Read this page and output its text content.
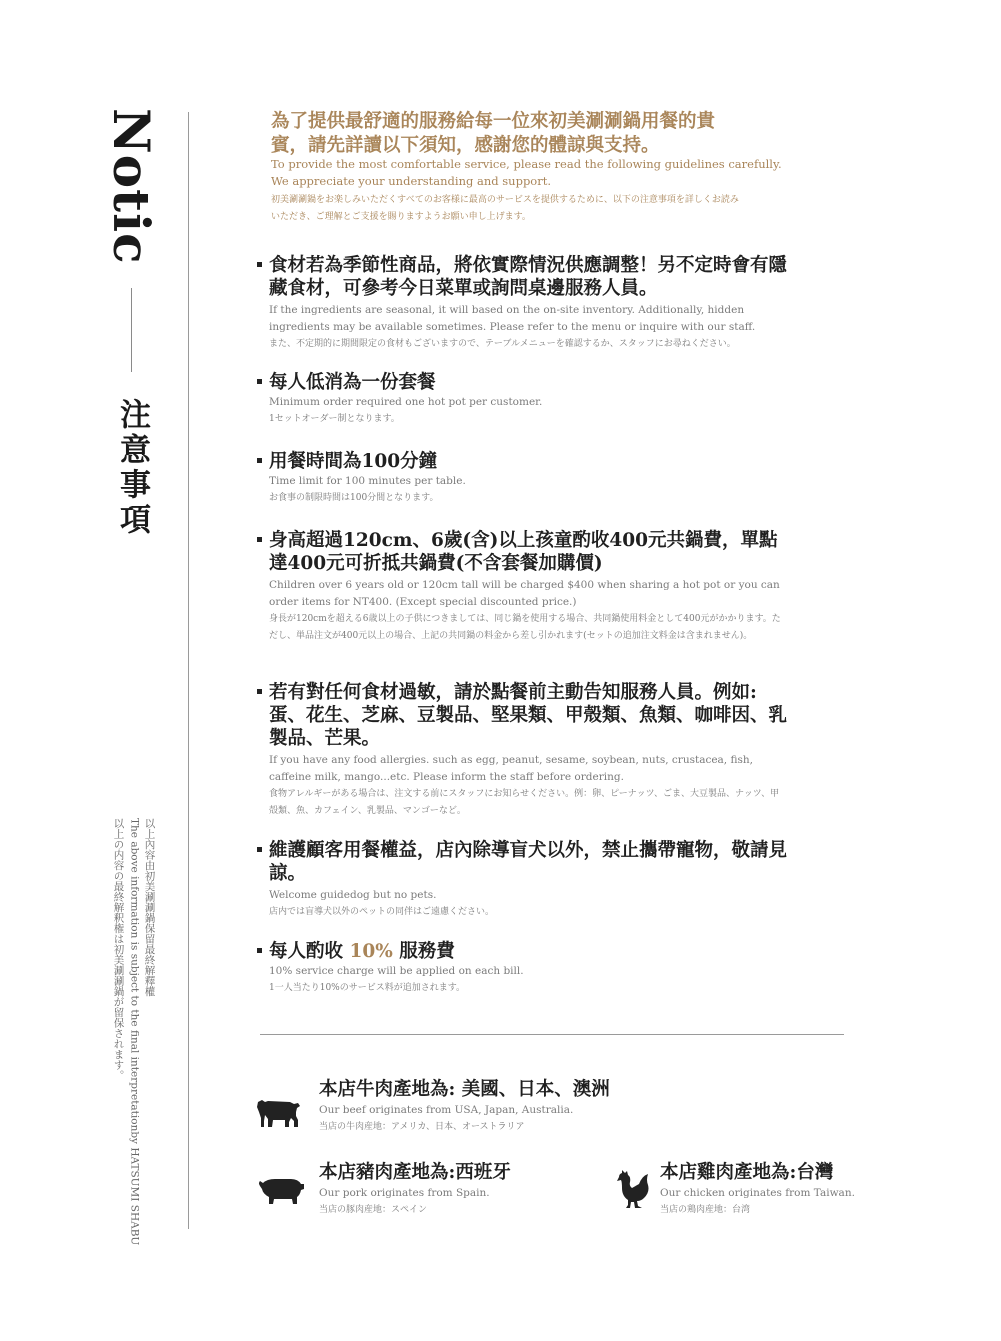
Notic
注意事項
以上內容由初美涮涮鍋保留最終解釋權
The above information is subject to the final interpretationby HATSUMI SHABU
以上の内容の最終解釈権は初美涮涮鍋が留保されます。
為了提供最舒適的服務給每一位來初美涮涮鍋用餐的貴賓，請先詳讀以下須知，感謝您的體諒與支持。
To provide the most comfortable service, please read the following guidelines carefully.
We appreciate your understanding and support.
初美涮涮鍋をお楽しみいただくすべてのお客様に最高のサービスを提供するために、以下の注意事項を詳しくお読みいただき、ご理解とご支援を賜りますようお願い申し上げます。
食材若為季節性商品，將依實際情況供應調整！另不定時會有隱藏食材，可參考今日菜單或詢問桌邊服務人員。
If the ingredients are seasonal, it will based on the on-site inventory. Additionally, hidden ingredients may be available sometimes. Please refer to the menu or inquire with our staff.
また、不定期的に期間限定の食材もございますので、テーブルメニューを確認するか、スタッフにお尋ねください。
每人低消為一份套餐
Minimum order required one hot pot per customer.
1セットオーダー制となります。
用餐時間為100分鐘
Time limit for 100 minutes per table.
お食事の制限時間は100分間となります。
身高超過120cm、6歲(含)以上孩童酌收400元共鍋費，單點達400元可折抵共鍋費(不含套餐加購價)
Children over 6 years old or 120cm tall will be charged $400 when sharing a hot pot or you can order items for NT400. (Except special discounted price.)
身長が120cmを超える6歳以上の子供につきましては、同じ鍋を使用する場合、共同鍋使用料金として400元がかかります。ただし、単品注文が400元以上の場合、上記の共同鍋の料金から差し引かれます(セットの追加注文料金は含まれません)。
若有對任何食材過敏，請於點餐前主動告知服務人員。例如:蛋、花生、芝麻、豆製品、堅果類、甲殼類、魚類、咖啡因、乳製品、芒果。
If you have any food allergies. such as egg, peanut, sesame, soybean, nuts, crustacea, fish, caffeine milk, mango...etc. Please inform the staff before ordering.
食物アレルギーがある場合は、注文する前にスタッフにお知らせください。例：卵、ピーナッツ、ごま、大豆製品、ナッツ、甲殻類、魚、カフェイン、乳製品、マンゴーなど。
維護顧客用餐權益，店內除導盲犬以外，禁止攜帶寵物，敬請見諒。
Welcome guidedog but no pets.
店内では盲導犬以外のペットの同伴はご遠慮ください。
每人酌收 10% 服務費
10% service charge will be applied on each bill.
1一人当たり10%のサービス料が追加されます。
本店牛肉產地為: 美國、日本、澳洲
Our beef originates from USA, Japan, Australia.
当店の牛肉産地：アメリカ、日本、オーストラリア
本店豬肉產地為:西班牙
Our pork originates from Spain.
当店の豚肉産地：スペイン
本店雞肉產地為:台灣
Our chicken originates from Taiwan.
当店の鶏肉産地：台湾
